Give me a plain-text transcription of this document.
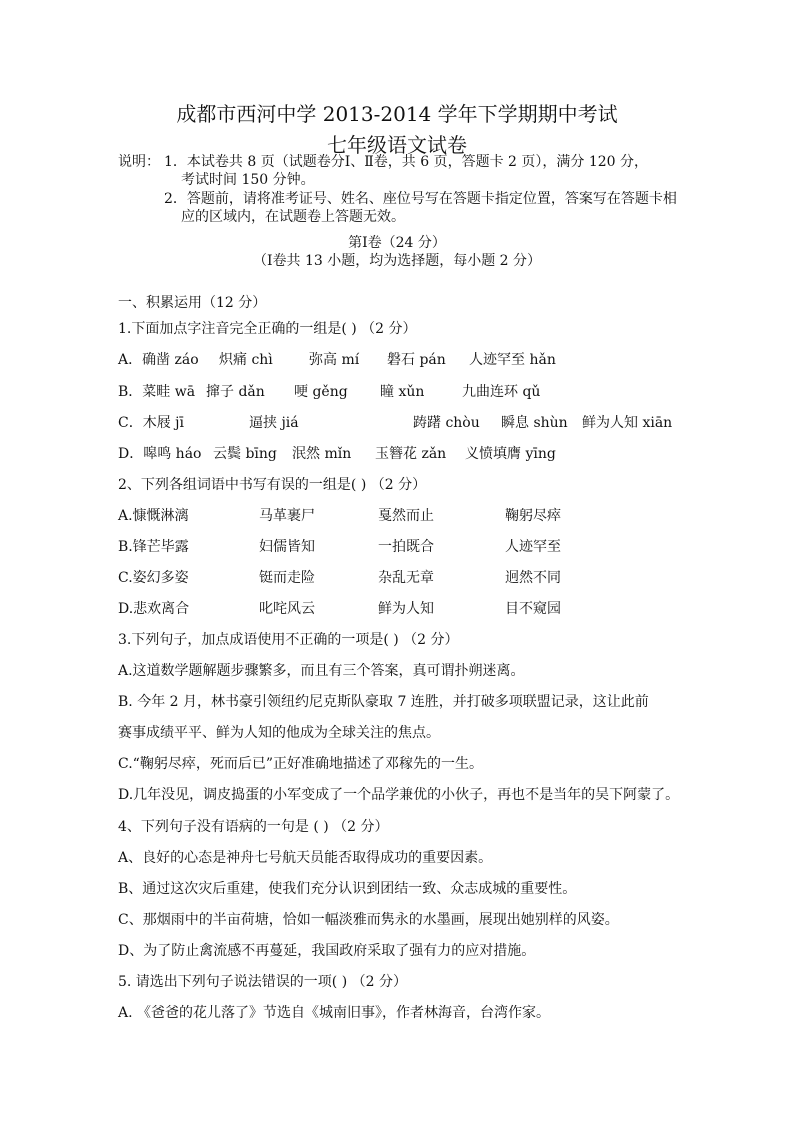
成都市西河中学 2013-2014 学年下学期期中考试
七年级语文试卷
说明： 1．本试卷共 8 页（试题卷分Ⅰ、Ⅱ卷，共 6 页，答题卡 2 页），满分 120 分，
考试时间 150 分钟。
2．答题前，请将准考证号、姓名、座位号写在答题卡指定位置，答案写在答题卡相
应的区域内，在试题卷上答题无效。
第Ⅰ卷（24 分）
（Ⅰ卷共 13 小题，均为选择题，每小题 2 分）
一、积累运用（12 分）
1.下面加点字注音完全正确的一组是( ) （2 分）
A．确凿 záo 炽痛 chì	弥高 mí 磐石 pán 人迹罕至 hǎn
B．菜畦 wā 撺子 dǎn 哽 gěng 瞳 xǔn	九曲连环 qǔ
C．木屐 jī	逼挟 jiá	踌躇 chòu 瞬息 shùn 鲜为人知 xiān
D．嗥鸣 háo 云鬓 bīng 泯然 mǐn 玉簪花 zǎn 义愤填膺 yīng
2、下列各组词语中书写有误的一组是( ) （2 分）
A.慷慨淋漓	马革裹尸	戛然而止	鞠躬尽瘁
B.锋芒毕露	妇儒皆知	一拍既合	人迹罕至
C.姿幻多姿	铤而走险	杂乱无章	迥然不同
D.悲欢离合	叱咤风云	鲜为人知	目不窥园
3.下列句子，加点成语使用不正确的一项是( ) （2 分）
A.这道数学题解题步骤繁多，而且有三个答案，真可谓扑朔迷离。
B. 今年 2 月，林书豪引领纽约尼克斯队豪取 7 连胜，并打破多项联盟记录，这让此前
赛事成绩平平、鲜为人知的他成为全球关注的焦点。
C.“鞠躬尽瘁，死而后已”正好准确地描述了邓稼先的一生。
D.几年没见，调皮捣蛋的小军变成了一个品学兼优的小伙子，再也不是当年的吴下阿蒙了。
4、下列句子没有语病的一句是 ( ) （2 分）
A、良好的心态是神舟七号航天员能否取得成功的重要因素。
B、通过这次灾后重建，使我们充分认识到团结一致、众志成城的重要性。
C、那烟雨中的半亩荷塘，恰如一幅淡雅而隽永的水墨画，展现出她别样的风姿。
D、为了防止禽流感不再蔓延，我国政府采取了强有力的应对措施。
5. 请选出下列句子说法错误的一项( ) （2 分）
A. 《爸爸的花儿落了》节选自《城南旧事》，作者林海音，台湾作家。
